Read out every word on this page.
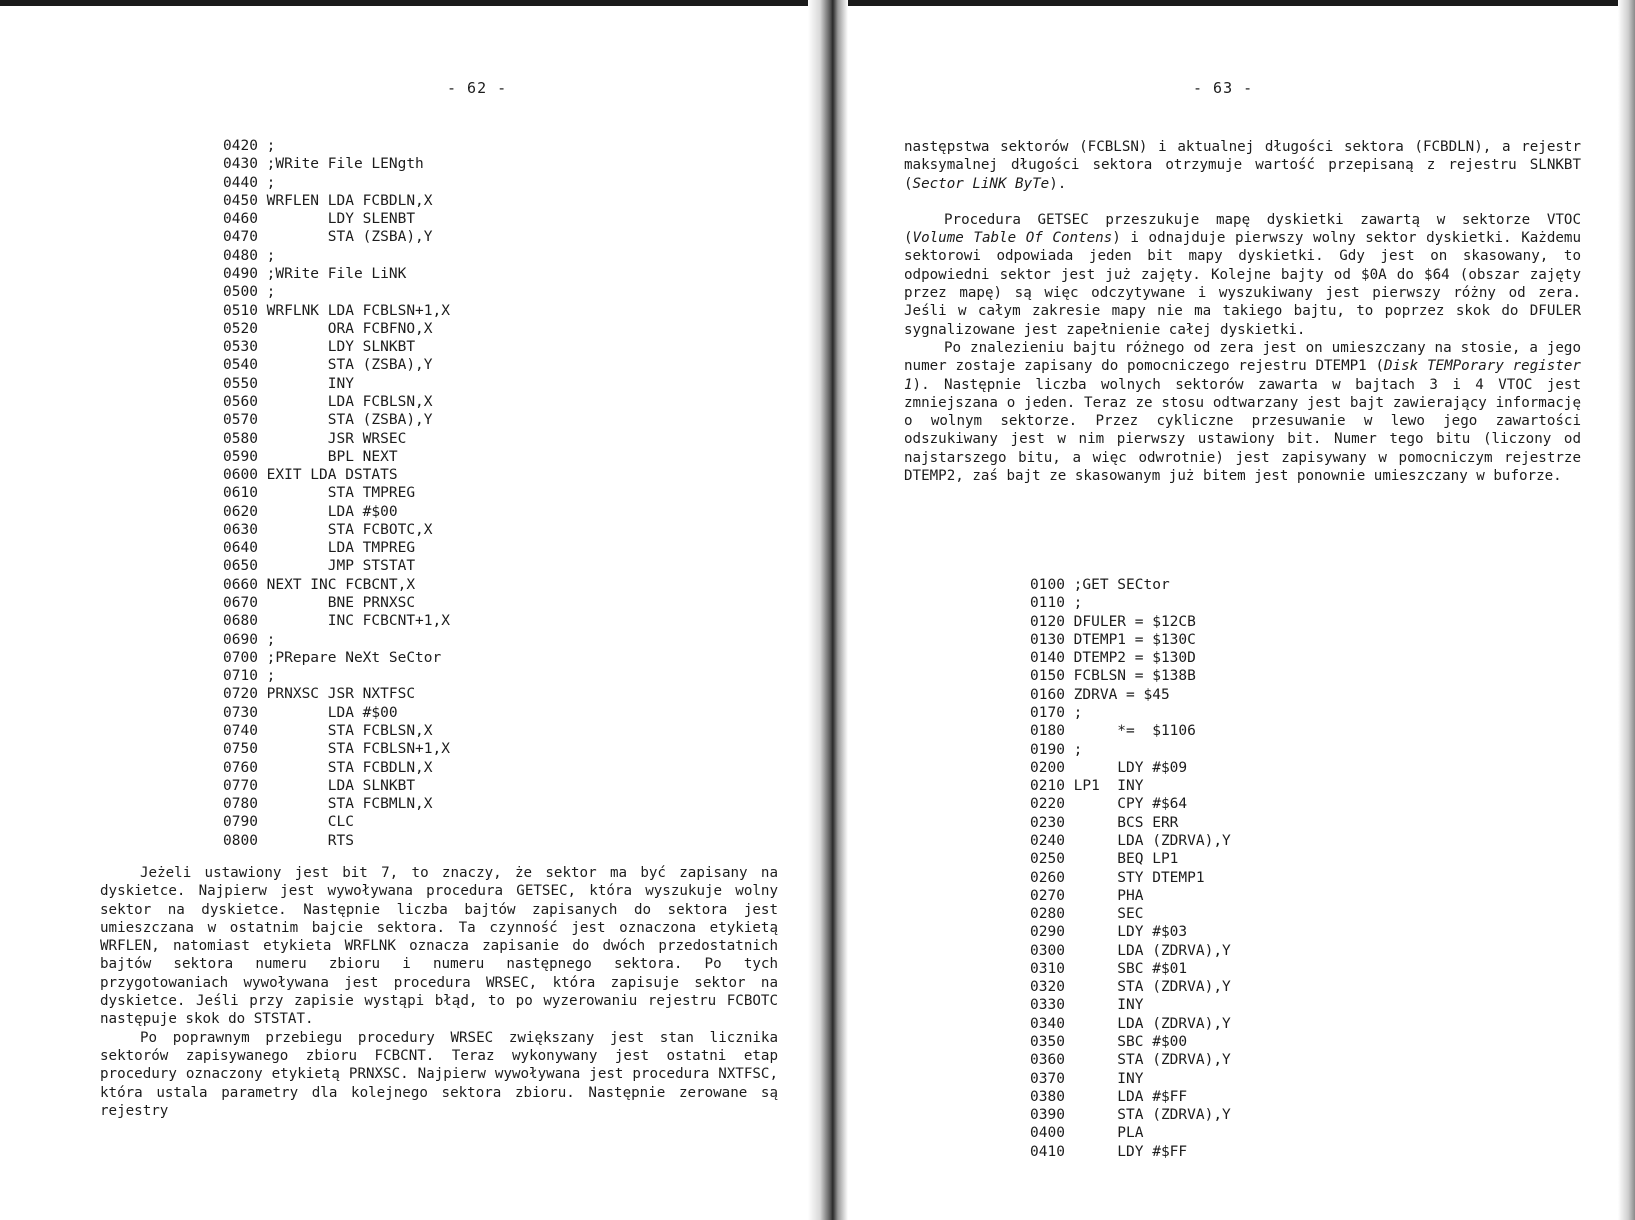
- 62 -
0420 ;
0430 ;WRite File LENgth
0440 ;
0450 WRFLEN LDA FCBDLN,X
0460        LDY SLENBT
0470        STA (ZSBA),Y
0480 ;
0490 ;WRite File LiNK
0500 ;
0510 WRFLNK LDA FCBLSN+1,X
0520        ORA FCBFNO,X
0530        LDY SLNKBT
0540        STA (ZSBA),Y
0550        INY
0560        LDA FCBLSN,X
0570        STA (ZSBA),Y
0580        JSR WRSEC
0590        BPL NEXT
0600 EXIT LDA DSTATS
0610        STA TMPREG
0620        LDA #$00
0630        STA FCBOTC,X
0640        LDA TMPREG
0650        JMP STSTAT
0660 NEXT INC FCBCNT,X
0670        BNE PRNXSC
0680        INC FCBCNT+1,X
0690 ;
0700 ;PRepare NeXt SeCtor
0710 ;
0720 PRNXSC JSR NXTFSC
0730        LDA #$00
0740        STA FCBLSN,X
0750        STA FCBLSN+1,X
0760        STA FCBDLN,X
0770        LDA SLNKBT
0780        STA FCBMLN,X
0790        CLC
0800        RTS

Jeżeli ustawiony jest bit 7, to znaczy, że sektor ma być zapisany na dyskietce. Najpierw jest wywoływana procedura GETSEC, która wyszukuje wolny sektor na dyskietce. Następnie liczba bajtów zapisanych do sektora jest umieszczana w ostatnim bajcie sektora. Ta czynność jest oznaczona etykietą WRFLEN, natomiast etykieta WRFLNK oznacza zapisanie do dwóch przedostatnich bajtów sektora numeru zbioru i numeru następnego sektora. Po tych przygotowaniach wywoływana jest procedura WRSEC, która zapisuje sektor na dyskietce. Jeśli przy zapisie wystąpi błąd, to po wyzerowaniu rejestru FCBOTC następuje skok do STSTAT.

Po poprawnym przebiegu procedury WRSEC zwiększany jest stan licznika sektorów zapisywanego zbioru FCBCNT. Teraz wykonywany jest ostatni etap procedury oznaczony etykietą PRNXSC. Najpierw wywoływana jest procedura NXTFSC, która ustala parametry dla kolejnego sektora zbioru. Następnie zerowane są rejestry

- 63 -

następstwa sektorów (FCBLSN) i aktualnej długości sektora (FCBDLN), a rejestr maksymalnej długości sektora otrzymuje wartość przepisaną z rejestru SLNKBT (Sector LiNK ByTe).

Procedura GETSEC przeszukuje mapę dyskietki zawartą w sektorze VTOC (Volume Table Of Contens) i odnajduje pierwszy wolny sektor dyskietki. Każdemu sektorowi odpowiada jeden bit mapy dyskietki. Gdy jest on skasowany, to odpowiedni sektor jest już zajęty. Kolejne bajty od $0A do $64 (obszar zajęty przez mapę) są więc odczytywane i wyszukiwany jest pierwszy różny od zera. Jeśli w całym zakresie mapy nie ma takiego bajtu, to poprzez skok do DFULER sygnalizowane jest zapełnienie całej dyskietki.

Po znalezieniu bajtu różnego od zera jest on umieszczany na stosie, a jego numer zostaje zapisany do pomocniczego rejestru DTEMP1 (Disk TEMPorary register 1). Następnie liczba wolnych sektorów zawarta w bajtach 3 i 4 VTOC jest zmniejszana o jeden. Teraz ze stosu odtwarzany jest bajt zawierający informację o wolnym sektorze. Przez cykliczne przesuwanie w lewo jego zawartości odszukiwany jest w nim pierwszy ustawiony bit. Numer tego bitu (liczony od najstarszego bitu, a więc odwrotnie) jest zapisywany w pomocniczym rejestrze DTEMP2, zaś bajt ze skasowanym już bitem jest ponownie umieszczany w buforze.

0100 ;GET SECtor
0110 ;
0120 DFULER = $12CB
0130 DTEMP1 = $130C
0140 DTEMP2 = $130D
0150 FCBLSN = $138B
0160 ZDRVA = $45
0170 ;
0180      *=  $1106
0190 ;
0200      LDY #$09
0210 LP1  INY
0220      CPY #$64
0230      BCS ERR
0240      LDA (ZDRVA),Y
0250      BEQ LP1
0260      STY DTEMP1
0270      PHA
0280      SEC
0290      LDY #$03
0300      LDA (ZDRVA),Y
0310      SBC #$01
0320      STA (ZDRVA),Y
0330      INY
0340      LDA (ZDRVA),Y
0350      SBC #$00
0360      STA (ZDRVA),Y
0370      INY
0380      LDA #$FF
0390      STA (ZDRVA),Y
0400      PLA
0410      LDY #$FF
